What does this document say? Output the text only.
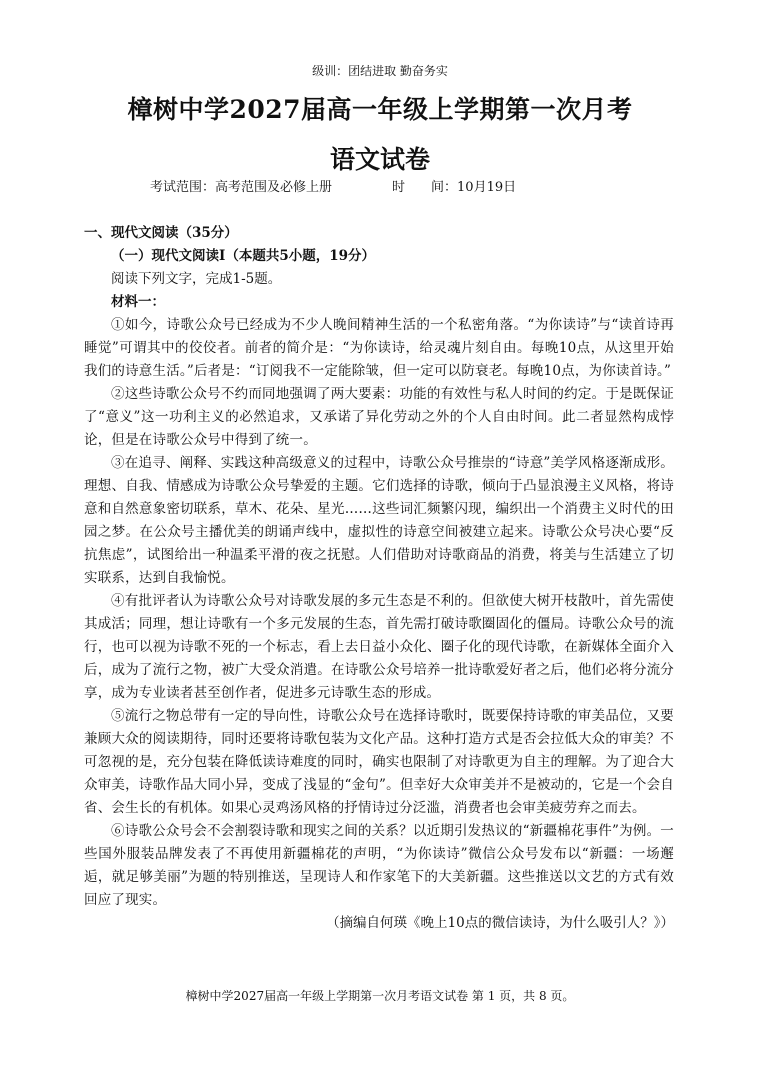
级训：团结进取 勤奋务实
樟树中学2027届高一年级上学期第一次月考
语文试卷
考试范围：高考范围及必修上册	时　　间：10月19日
一、现代文阅读（35分）
（一）现代文阅读I（本题共5小题，19分）
阅读下列文字，完成1-5题。
材料一：
①如今，诗歌公众号已经成为不少人晚间精神生活的一个私密角落。“为你读诗”与“读首诗再睡觉”可谓其中的佼佼者。前者的简介是：“为你读诗，给灵魂片刻自由。每晚10点，从这里开始我们的诗意生活。”后者是：“订阅我不一定能除皱，但一定可以防衰老。每晚10点，为你读首诗。”
②这些诗歌公众号不约而同地强调了两大要素：功能的有效性与私人时间的约定。于是既保证了“意义”这一功利主义的必然追求，又承诺了异化劳动之外的个人自由时间。此二者显然构成悖论，但是在诗歌公众号中得到了统一。
③在追寻、阐释、实践这种高级意义的过程中，诗歌公众号推崇的“诗意”美学风格逐渐成形。理想、自我、情感成为诗歌公众号挚爱的主题。它们选择的诗歌，倾向于凸显浪漫主义风格，将诗意和自然意象密切联系，草木、花朵、星光……这些词汇频繁闪现，编织出一个消费主义时代的田园之梦。在公众号主播优美的朗诵声线中，虚拟性的诗意空间被建立起来。诗歌公众号决心要“反抗焦虑”，试图给出一种温柔平滑的夜之抚慰。人们借助对诗歌商品的消费，将美与生活建立了切实联系，达到自我愉悦。
④有批评者认为诗歌公众号对诗歌发展的多元生态是不利的。但欲使大树开枝散叶，首先需使其成活；同理，想让诗歌有一个多元发展的生态，首先需打破诗歌圈固化的僵局。诗歌公众号的流行，也可以视为诗歌不死的一个标志，看上去日益小众化、圈子化的现代诗歌，在新媒体全面介入后，成为了流行之物，被广大受众消遣。在诗歌公众号培养一批诗歌爱好者之后，他们必将分流分享，成为专业读者甚至创作者，促进多元诗歌生态的形成。
⑤流行之物总带有一定的导向性，诗歌公众号在选择诗歌时，既要保持诗歌的审美品位，又要兼顾大众的阅读期待，同时还要将诗歌包装为文化产品。这种打造方式是否会拉低大众的审美？不可忽视的是，充分包装在降低读诗难度的同时，确实也限制了对诗歌更为自主的理解。为了迎合大众审美，诗歌作品大同小异，变成了浅显的“金句”。但幸好大众审美并不是被动的，它是一个会自省、会生长的有机体。如果心灵鸡汤风格的抒情诗过分泛滥，消费者也会审美疲劳弃之而去。
⑥诗歌公众号会不会割裂诗歌和现实之间的关系？以近期引发热议的“新疆棉花事件”为例。一些国外服装品牌发表了不再使用新疆棉花的声明，“为你读诗”微信公众号发布以“新疆：一场邂逅，就足够美丽”为题的特别推送，呈现诗人和作家笔下的大美新疆。这些推送以文艺的方式有效回应了现实。
（摘编自何瑛《晚上10点的微信读诗，为什么吸引人？》）
樟树中学2027届高一年级上学期第一次月考语文试卷 第 1 页，共 8 页。
